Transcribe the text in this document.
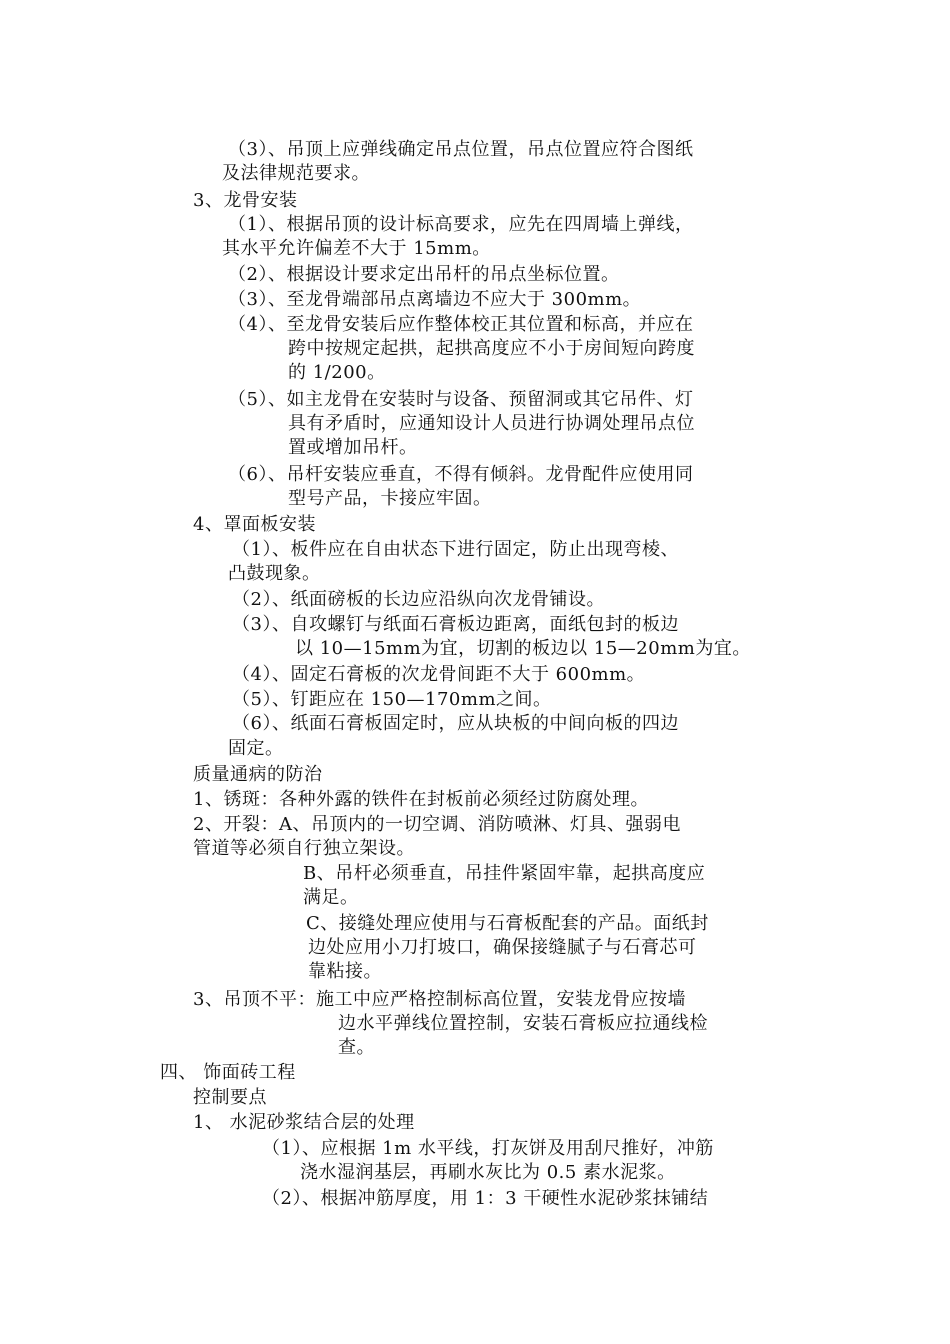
（3）、吊顶上应弹线确定吊点位置，吊点位置应符合图纸

及法律规范要求。

3、龙骨安装

（1）、根据吊顶的设计标高要求，应先在四周墙上弹线，

其水平允许偏差不大于 15mm。

（2）、根据设计要求定出吊杆的吊点坐标位置。

（3）、至龙骨端部吊点离墙边不应大于 300mm。

（4）、至龙骨安装后应作整体校正其位置和标高，并应在

跨中按规定起拱，起拱高度应不小于房间短向跨度

的 1/200。

（5）、如主龙骨在安装时与设备、预留洞或其它吊件、灯

具有矛盾时，应通知设计人员进行协调处理吊点位

置或增加吊杆。

（6）、吊杆安装应垂直，不得有倾斜。龙骨配件应使用同

型号产品，卡接应牢固。

4、罩面板安装

（1）、板件应在自由状态下进行固定，防止出现弯棱、

凸鼓现象。

（2）、纸面磅板的长边应沿纵向次龙骨铺设。

（3）、自攻螺钉与纸面石膏板边距离，面纸包封的板边

以 10—15mm为宜，切割的板边以 15—20mm为宜。

（4）、固定石膏板的次龙骨间距不大于 600mm。

（5）、钉距应在 150—170mm之间。

（6）、纸面石膏板固定时，应从块板的中间向板的四边

固定。

质量通病的防治

1、锈斑：各种外露的铁件在封板前必须经过防腐处理。

2、开裂：A、吊顶内的一切空调、消防喷淋、灯具、强弱电

管道等必须自行独立架设。

B、吊杆必须垂直，吊挂件紧固牢靠，起拱高度应

满足。

C、接缝处理应使用与石膏板配套的产品。面纸封

边处应用小刀打坡口，确保接缝腻子与石膏芯可

靠粘接。

3、吊顶不平：施工中应严格控制标高位置，安装龙骨应按墙

边水平弹线位置控制，安装石膏板应拉通线检

查。

四、 饰面砖工程

控制要点

1、 水泥砂浆结合层的处理

（1）、应根据 1m 水平线，打灰饼及用刮尺推好，冲筋

浇水湿润基层，再刷水灰比为 0.5 素水泥浆。

（2）、根据冲筋厚度，用 1：3 干硬性水泥砂浆抹铺结
